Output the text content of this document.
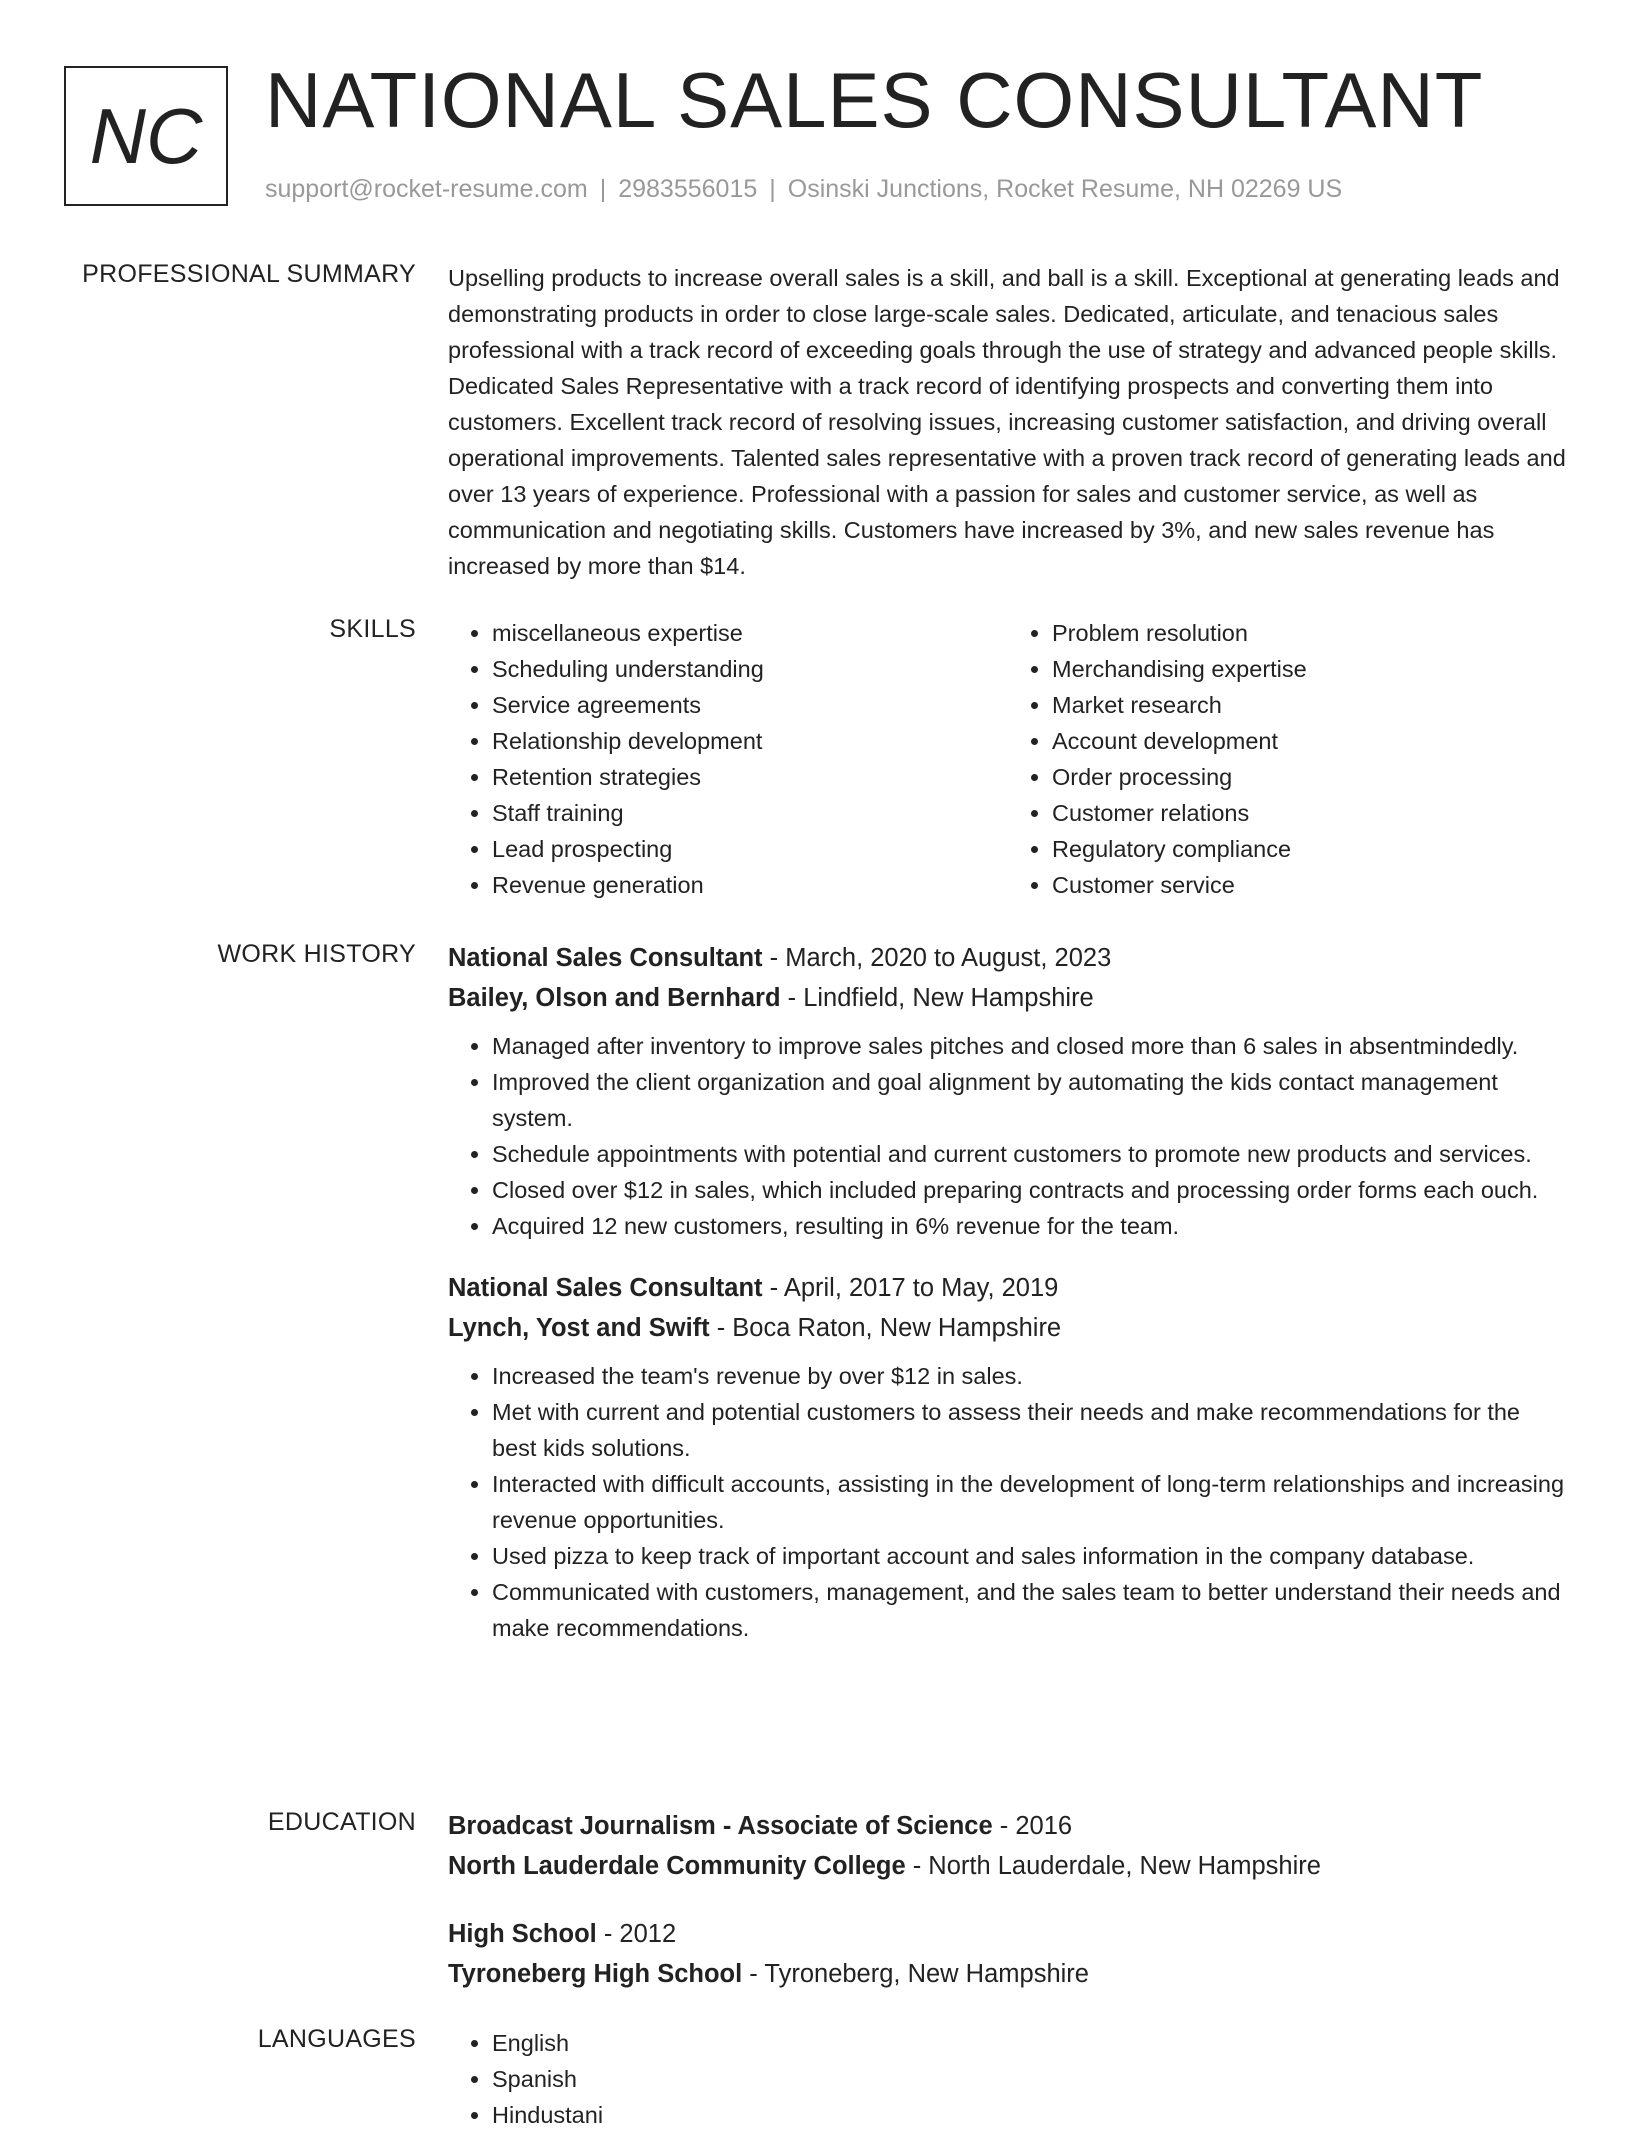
NC NATIONAL SALES CONSULTANT
support@rocket-resume.com | 2983556015 | Osinski Junctions, Rocket Resume, NH 02269 US
PROFESSIONAL SUMMARY Upselling products to increase overall sales is a skill, and ball is a skill. Exceptional at generating leads and demonstrating products in order to close large-scale sales. Dedicated, articulate, and tenacious sales professional with a track record of exceeding goals through the use of strategy and advanced people skills. Dedicated Sales Representative with a track record of identifying prospects and converting them into customers. Excellent track record of resolving issues, increasing customer satisfaction, and driving overall operational improvements. Talented sales representative with a proven track record of generating leads and over 13 years of experience. Professional with a passion for sales and customer service, as well as communication and negotiating skills. Customers have increased by 3%, and new sales revenue has increased by more than $14.

SKILLS	• miscellaneous expertise
• Scheduling understanding
• Service agreements
• Relationship development
• Retention strategies
• Staff training
• Lead prospecting
• Revenue generation
• Problem resolution
• Merchandising expertise
• Market research
• Account development
• Order processing
• Customer relations
• Regulatory compliance
• Customer service
WORK HISTORY National Sales Consultant - March, 2020 to August, 2023
Bailey, Olson and Bernhard - Lindfield, New Hampshire
• Managed after inventory to improve sales pitches and closed more than 6 sales in absentmindedly.
• Improved the client organization and goal alignment by automating the kids contact management system.
• Schedule appointments with potential and current customers to promote new products and services.
• Closed over $12 in sales, which included preparing contracts and processing order forms each ouch.
• Acquired 12 new customers, resulting in 6% revenue for the team.
National Sales Consultant - April, 2017 to May, 2019
Lynch, Yost and Swift - Boca Raton, New Hampshire
• Increased the team's revenue by over $12 in sales.
• Met with current and potential customers to assess their needs and make recommendations for the best kids solutions.
• Interacted with difficult accounts, assisting in the development of long-term relationships and increasing revenue opportunities.
• Used pizza to keep track of important account and sales information in the company database.
• Communicated with customers, management, and the sales team to better understand their needs and make recommendations.
EDUCATION Broadcast Journalism - Associate of Science - 2016
North Lauderdale Community College - North Lauderdale, New Hampshire
High School - 2012
Tyroneberg High School - Tyroneberg, New Hampshire
LANGUAGES	• English
• Spanish
• Hindustani
